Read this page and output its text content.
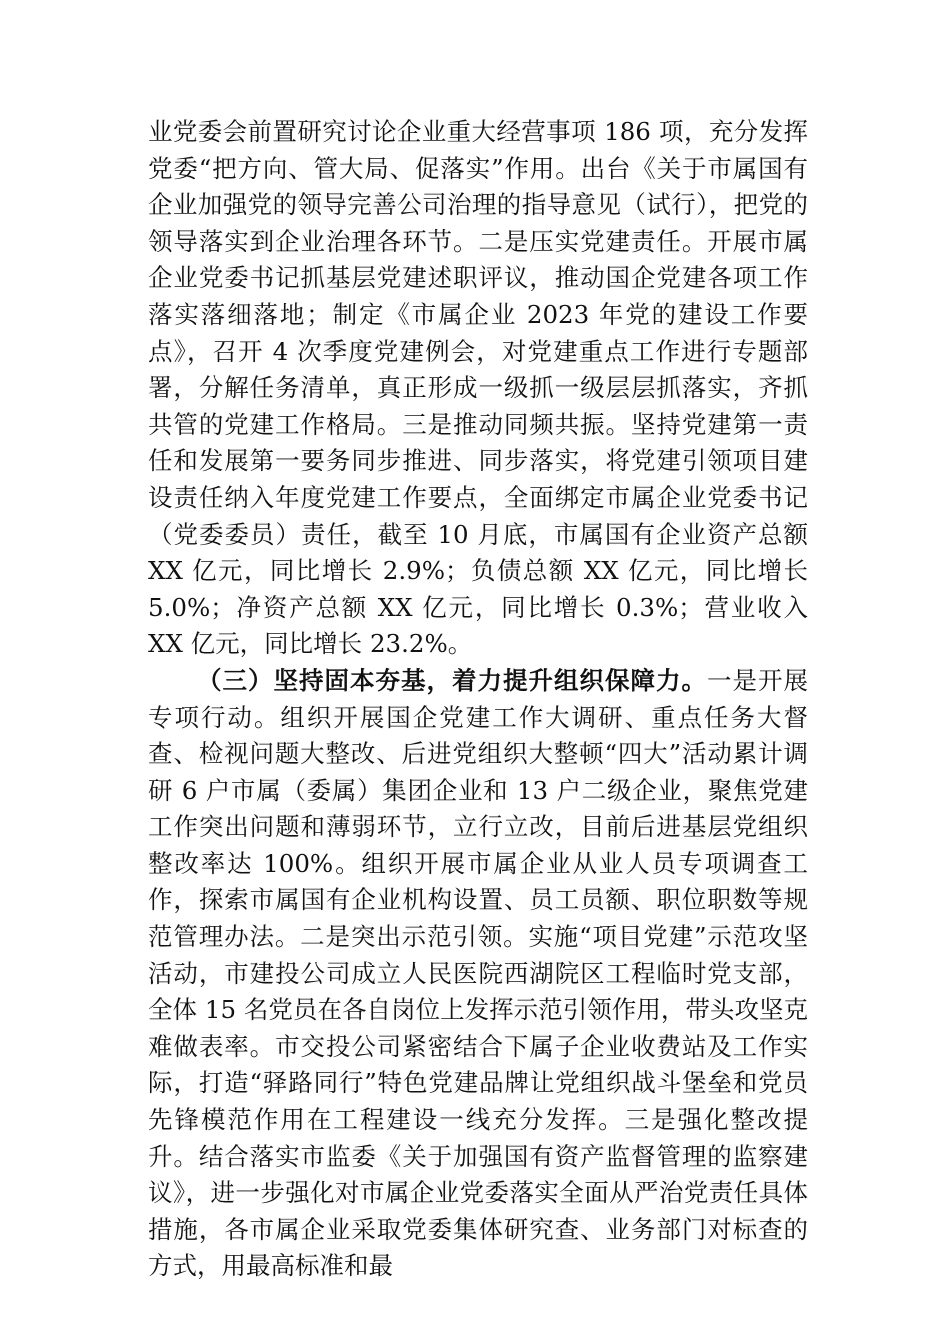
业党委会前置研究讨论企业重大经营事项 186 项，充分发挥党委“把方向、管大局、促落实”作用。出台《关于市属国有企业加强党的领导完善公司治理的指导意见（试行），把党的领导落实到企业治理各环节。二是压实党建责任。开展市属企业党委书记抓基层党建述职评议，推动国企党建各项工作落实落细落地；制定《市属企业 2023 年党的建设工作要点》，召开 4 次季度党建例会，对党建重点工作进行专题部署，分解任务清单，真正形成一级抓一级层层抓落实，齐抓共管的党建工作格局。三是推动同频共振。坚持党建第一责任和发展第一要务同步推进、同步落实，将党建引领项目建设责任纳入年度党建工作要点，全面绑定市属企业党委书记（党委委员）责任，截至 10 月底，市属国有企业资产总额 XX 亿元，同比增长 2.9%；负债总额 XX 亿元，同比增长 5.0%；净资产总额 XX 亿元，同比增长 0.3%；营业收入 XX 亿元，同比增长 23.2%。

（三）坚持固本夯基，着力提升组织保障力。一是开展专项行动。组织开展国企党建工作大调研、重点任务大督查、检视问题大整改、后进党组织大整顿“四大”活动累计调研 6 户市属（委属）集团企业和 13 户二级企业，聚焦党建工作突出问题和薄弱环节，立行立改，目前后进基层党组织整改率达 100%。组织开展市属企业从业人员专项调查工作，探索市属国有企业机构设置、员工员额、职位职数等规范管理办法。二是突出示范引领。实施“项目党建”示范攻坚活动，市建投公司成立人民医院西湖院区工程临时党支部，全体 15 名党员在各自岗位上发挥示范引领作用，带头攻坚克难做表率。市交投公司紧密结合下属子企业收费站及工作实际，打造“驿路同行”特色党建品牌让党组织战斗堡垒和党员先锋模范作用在工程建设一线充分发挥。三是强化整改提升。结合落实市监委《关于加强国有资产监督管理的监察建议》，进一步强化对市属企业党委落实全面从严治党责任具体措施，各市属企业采取党委集体研究查、业务部门对标查的方式，用最高标准和最
